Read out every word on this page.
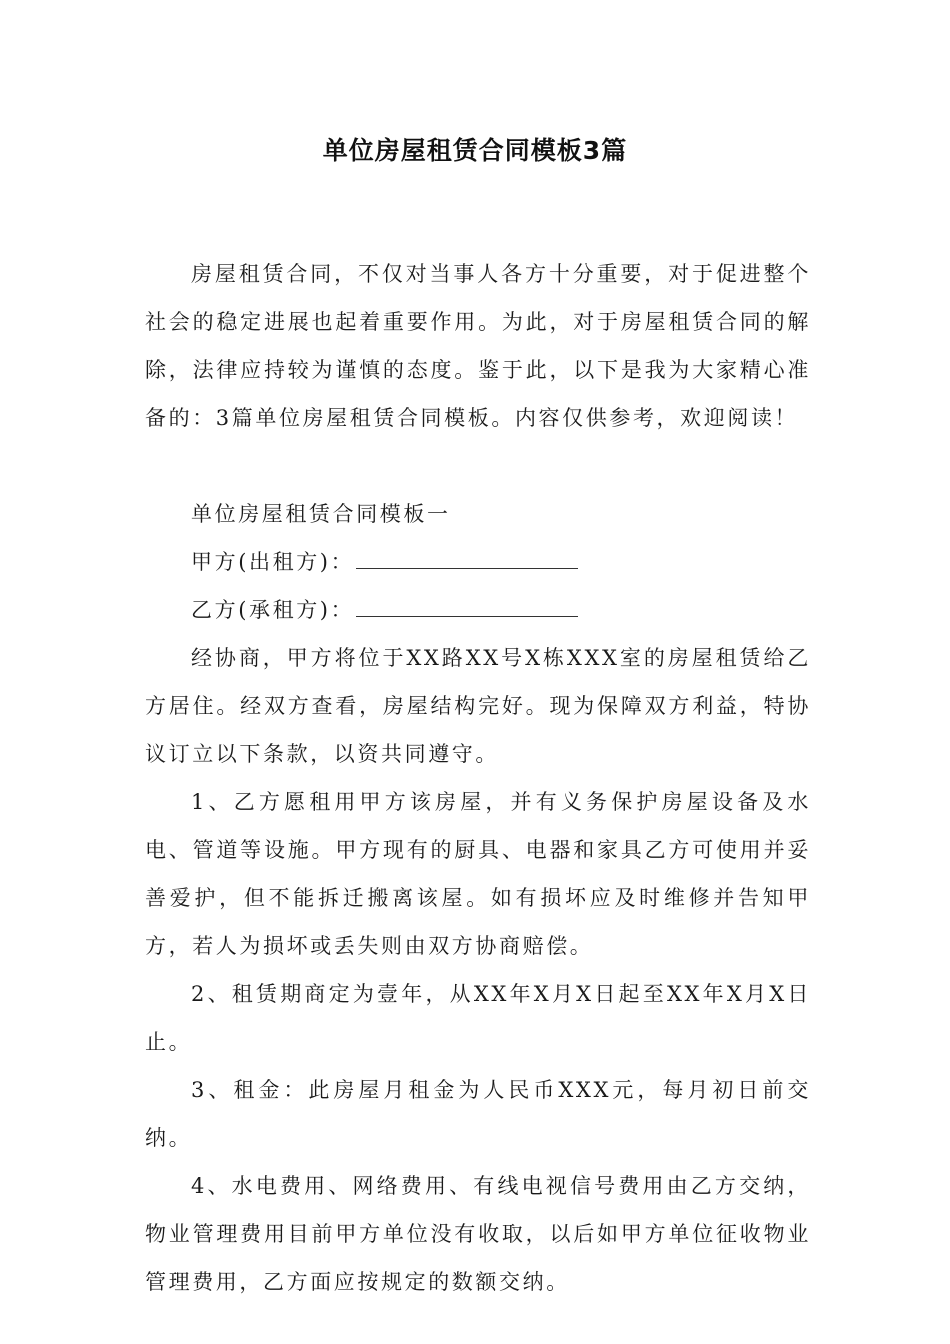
单位房屋租赁合同模板3篇

房屋租赁合同，不仅对当事人各方十分重要，对于促进整个社会的稳定进展也起着重要作用。为此，对于房屋租赁合同的解除，法律应持较为谨慎的态度。鉴于此，以下是我为大家精心准备的：3篇单位房屋租赁合同模板。内容仅供参考，欢迎阅读！

单位房屋租赁合同模板一

甲方(出租方)：

乙方(承租方)：

经协商，甲方将位于XX路XX号X栋XXX室的房屋租赁给乙方居住。经双方查看，房屋结构完好。现为保障双方利益，特协议订立以下条款，以资共同遵守。

1、乙方愿租用甲方该房屋，并有义务保护房屋设备及水电、管道等设施。甲方现有的厨具、电器和家具乙方可使用并妥善爱护，但不能拆迁搬离该屋。如有损坏应及时维修并告知甲方，若人为损坏或丢失则由双方协商赔偿。

2、租赁期商定为壹年，从XX年X月X日起至XX年X月X日止。

3、租金：此房屋月租金为人民币XXX元，每月初日前交纳。

4、水电费用、网络费用、有线电视信号费用由乙方交纳，物业管理费用目前甲方单位没有收取，以后如甲方单位征收物业管理费用，乙方面应按规定的数额交纳。
